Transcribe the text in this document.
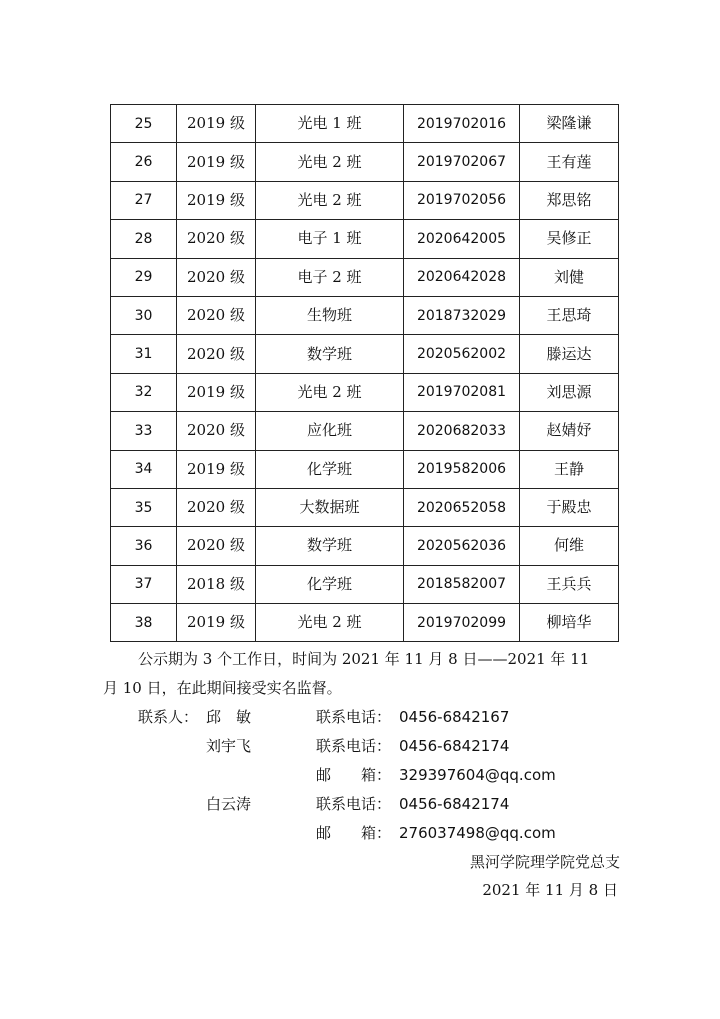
25	2019 级	光电 1 班	2019702016	梁隆谦
26	2019 级	光电 2 班	2019702067	王有莲
27	2019 级	光电 2 班	2019702056	郑思铭
28	2020 级	电子 1 班	2020642005	吴修正
29	2020 级	电子 2 班	2020642028	刘健
30	2020 级	生物班	2018732029	王思琦
31	2020 级	数学班	2020562002	滕运达
32	2019 级	光电 2 班	2019702081	刘思源
33	2020 级	应化班	2020682033	赵婧妤
34	2019 级	化学班	2019582006	王静
35	2020 级	大数据班	2020652058	于殿忠
36	2020 级	数学班	2020562036	何维
37	2018 级	化学班	2018582007	王兵兵
38	2019 级	光电 2 班	2019702099	柳培华
公示期为 3 个工作日，时间为 2021 年 11 月 8 日——2021 年 11
月 10 日，在此期间接受实名监督。
联系人： 邱　敏	联系电话： 0456-6842167
刘宇飞	联系电话： 0456-6842174
邮　　箱： 329397604@qq.com
白云涛	联系电话： 0456-6842174
邮　　箱： 276037498@qq.com
黑河学院理学院党总支
2021 年 11 月 8 日
